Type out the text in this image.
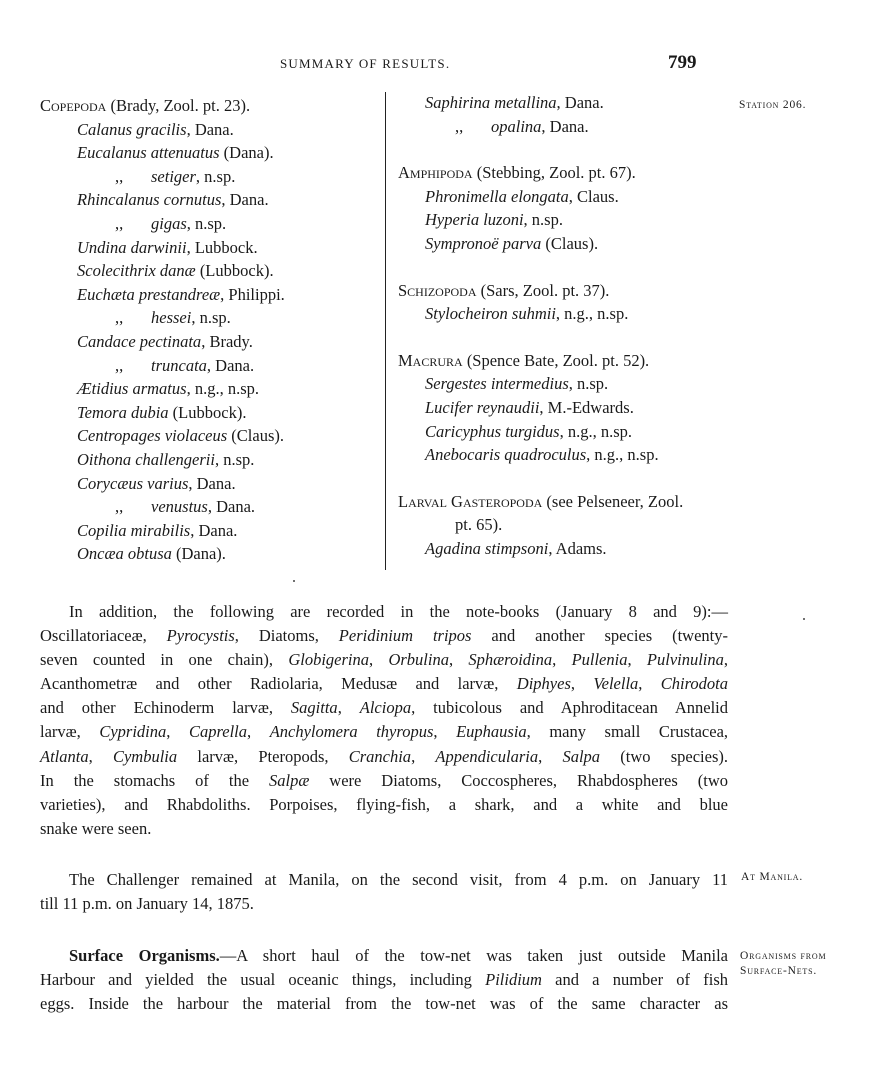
SUMMARY OF RESULTS.	799
Copepoda (Brady, Zool. pt. 23).
Calanus gracilis, Dana.
Eucalanus attenuatus (Dana).
,, setiger, n.sp.
Rhincalanus cornutus, Dana.
,, gigas, n.sp.
Undina darwinii, Lubbock.
Scolecithrix danæ (Lubbock).
Euchæta prestandreæ, Philippi.
,, hessei, n.sp.
Candace pectinata, Brady.
,, truncata, Dana.
Ætidius armatus, n.g., n.sp.
Temora dubia (Lubbock).
Centropages violaceus (Claus).
Oithona challengerii, n.sp.
Corycæus varius, Dana.
,, venustus, Dana.
Copilia mirabilis, Dana.
Oncæa obtusa (Dana).
Saphirina metallina, Dana.
,, opalina, Dana.
Amphipoda (Stebbing, Zool. pt. 67).
Phronimella elongata, Claus.
Hyperia luzoni, n.sp.
Sympronoë parva (Claus).
Schizopoda (Sars, Zool. pt. 37).
Stylocheiron suhmii, n.g., n.sp.
Macrura (Spence Bate, Zool. pt. 52).
Sergestes intermedius, n.sp.
Lucifer reynaudii, M.-Edwards.
Caricyphus turgidus, n.g., n.sp.
Anebocaris quadroculus, n.g., n.sp.
Larval Gasteropoda (see Pelseneer, Zool.
pt. 65).
Agadina stimpsoni, Adams.
Station 206.
At Manila.
Organisms from
Surface-Nets.
In addition, the following are recorded in the note-books (January 8 and 9):—
Oscillatoriaceæ, Pyrocystis, Diatoms, Peridinium tripos and another species (twenty-
seven counted in one chain), Globigerina, Orbulina, Sphæroidina, Pullenia, Pulvinulina,
Acanthometræ and other Radiolaria, Medusæ and larvæ, Diphyes, Velella, Chirodota
and other Echinoderm larvæ, Sagitta, Alciopa, tubicolous and Aphroditacean Annelid
larvæ, Cypridina, Caprella, Anchylomera thyropus, Euphausia, many small Crustacea,
Atlanta, Cymbulia larvæ, Pteropods, Cranchia, Appendicularia, Salpa (two species).
In the stomachs of the Salpæ were Diatoms, Coccospheres, Rhabdospheres (two
varieties), and Rhabdoliths. Porpoises, flying-fish, a shark, and a white and blue
snake were seen.
The Challenger remained at Manila, on the second visit, from 4 p.m. on January 11
till 11 p.m. on January 14, 1875.
Surface Organisms.—A short haul of the tow-net was taken just outside Manila
Harbour and yielded the usual oceanic things, including Pilidium and a number of fish
eggs. Inside the harbour the material from the tow-net was of the same character as
